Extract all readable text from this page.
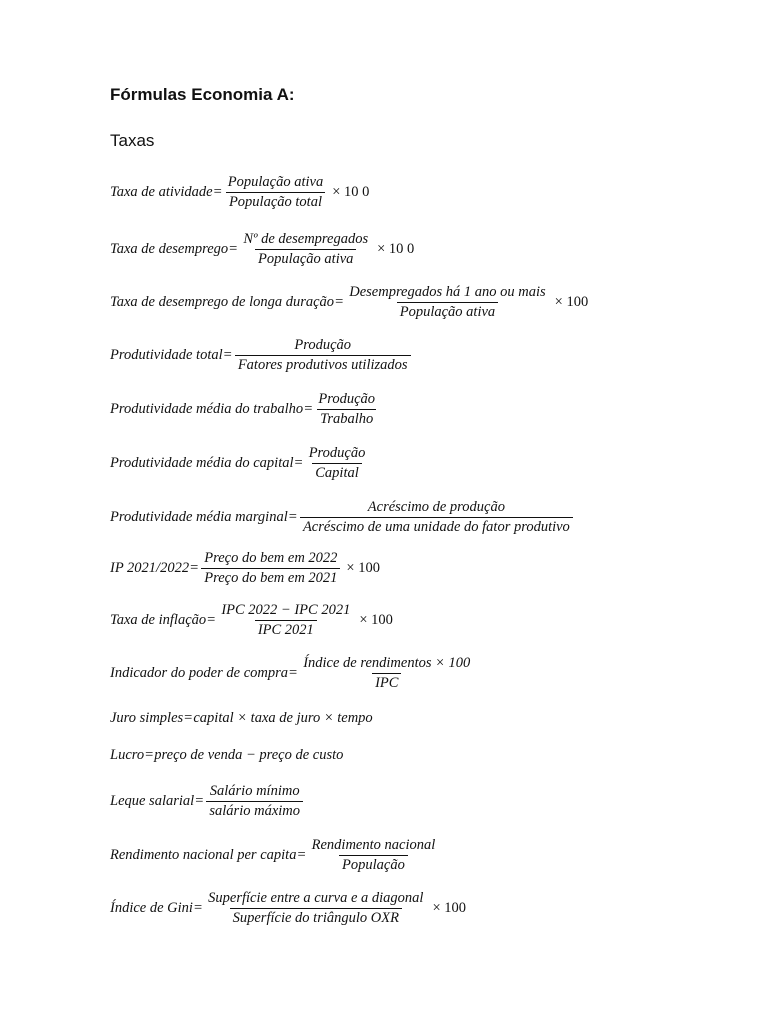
Fórmulas Economia A:
Taxas
Taxa de atividade = $\frac{\text{População ativa}}{\text{População total}} \times 10$ 0
Taxa de desemprego = $\frac{\text{Nº de desempregados}}{\text{População ativa}} \times 10$ 0
Taxa de desemprego de longa duração = $\frac{\text{Desempregados há 1 ano ou mais}}{\text{População ativa}} \times 100$
Produtividade total = $\frac{\text{Produção}}{\text{Fatores produtivos utilizados}}$
Produtividade média do trabalho = $\frac{\text{Produção}}{\text{Trabalho}}$
Produtividade média do capital = $\frac{\text{Produção}}{\text{Capital}}$
Produtividade média marginal = $\frac{\text{Acréscimo de produção}}{\text{Acréscimo de uma unidade do fator produtivo}}$
IP $2021/2022 = \frac{\text{Preço do bem em 2022}}{\text{Preço do bem em 2021}} \times 100$
Taxa de inflação = $\frac{\text{IPC 2022 − IPC 2021}}{\text{IPC 2021}} \times 100$
Indicador do poder de compra = $\frac{\text{Índice de rendimentos × 100}}{\text{IPC}}$
Juro simples = capital × taxa de juro × tempo
Lucro = preço de venda − preço de custo
Leque salarial = $\frac{\text{Salário mínimo}}{\text{salário máximo}}$
Rendimento nacional per capita = $\frac{\text{Rendimento nacional}}{\text{População}}$
Índice de Gini = $\frac{\text{Superfície entre a curva e a diagonal}}{\text{Superfície do triângulo OXR}} \times 100$
